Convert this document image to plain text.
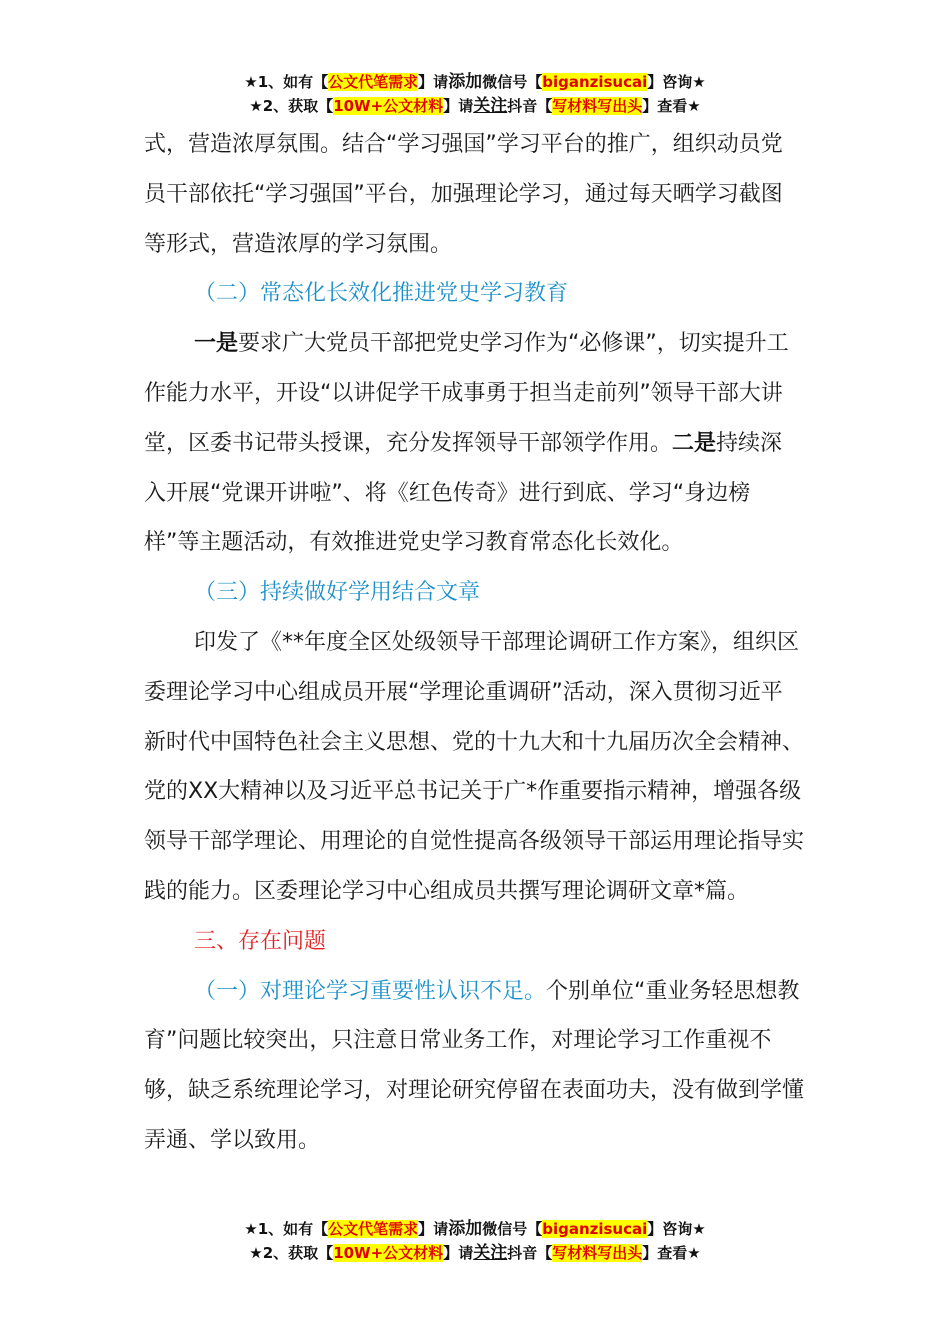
★1、如有【公文代笔需求】请添加微信号【biganzisucai】咨询★
★2、获取【10W+公文材料】请关注抖音【写材料写出头】查看★

式，营造浓厚氛围。结合“学习强国”学习平台的推广，组织动员党员干部依托“学习强国”平台，加强理论学习，通过每天晒学习截图等形式，营造浓厚的学习氛围。

（二）常态化长效化推进党史学习教育

一是要求广大党员干部把党史学习作为“必修课”，切实提升工作能力水平，开设“以讲促学干成事勇于担当走前列”领导干部大讲堂，区委书记带头授课，充分发挥领导干部领学作用。二是持续深入开展“党课开讲啦”、将《红色传奇》进行到底、学习“身边榜样”等主题活动，有效推进党史学习教育常态化长效化。

（三）持续做好学用结合文章

印发了《**年度全区处级领导干部理论调研工作方案》，组织区委理论学习中心组成员开展“学理论重调研”活动，深入贯彻习近平新时代中国特色社会主义思想、党的十九大和十九届历次全会精神、党的XX大精神以及习近平总书记关于广*作重要指示精神，增强各级领导干部学理论、用理论的自觉性提高各级领导干部运用理论指导实践的能力。区委理论学习中心组成员共撰写理论调研文章*篇。

三、存在问题

（一）对理论学习重要性认识不足。个别单位“重业务轻思想教育”问题比较突出，只注意日常业务工作，对理论学习工作重视不够，缺乏系统理论学习，对理论研究停留在表面功夫，没有做到学懂弄通、学以致用。

★1、如有【公文代笔需求】请添加微信号【biganzisucai】咨询★
★2、获取【10W+公文材料】请关注抖音【写材料写出头】查看★
